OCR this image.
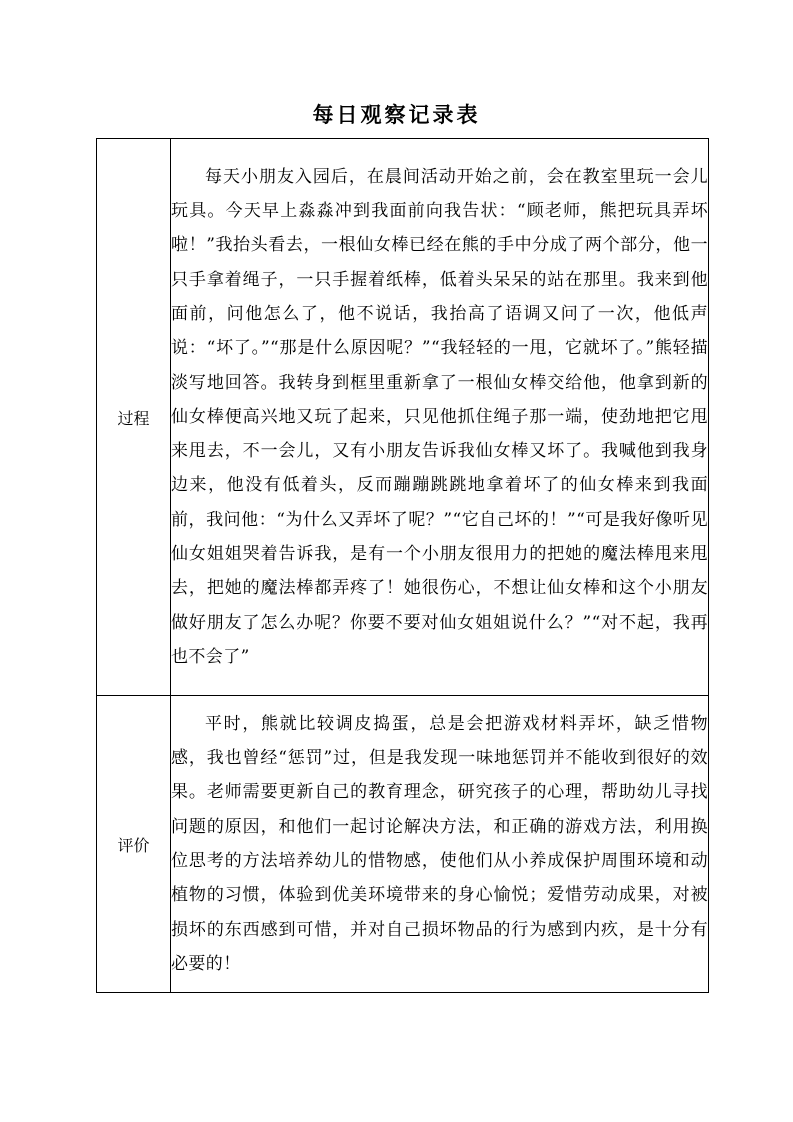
每日观察记录表
过程	每天小朋友入园后，在晨间活动开始之前，会在教室里玩一会儿玩具。今天早上淼淼冲到我面前向我告状：“顾老师，熊把玩具弄坏啦！”我抬头看去，一根仙女棒已经在熊的手中分成了两个部分，他一只手拿着绳子，一只手握着纸棒，低着头呆呆的站在那里。我来到他面前，问他怎么了，他不说话，我抬高了语调又问了一次，他低声说：“坏了。”“那是什么原因呢？”“我轻轻的一甩，它就坏了。”熊轻描淡写地回答。我转身到框里重新拿了一根仙女棒交给他，他拿到新的仙女棒便高兴地又玩了起来，只见他抓住绳子那一端，使劲地把它甩来甩去，不一会儿，又有小朋友告诉我仙女棒又坏了。我喊他到我身边来，他没有低着头，反而蹦蹦跳跳地拿着坏了的仙女棒来到我面前，我问他：“为什么又弄坏了呢？”“它自己坏的！”“可是我好像听见仙女姐姐哭着告诉我，是有一个小朋友很用力的把她的魔法棒甩来甩去，把她的魔法棒都弄疼了！她很伤心，不想让仙女棒和这个小朋友做好朋友了怎么办呢？你要不要对仙女姐姐说什么？”“对不起，我再也不会了”

评价	平时，熊就比较调皮捣蛋，总是会把游戏材料弄坏，缺乏惜物感，我也曾经“惩罚”过，但是我发现一味地惩罚并不能收到很好的效果。老师需要更新自己的教育理念，研究孩子的心理，帮助幼儿寻找问题的原因，和他们一起讨论解决方法，和正确的游戏方法，利用换位思考的方法培养幼儿的惜物感，使他们从小养成保护周围环境和动植物的习惯，体验到优美环境带来的身心愉悦；爱惜劳动成果，对被损坏的东西感到可惜，并对自己损坏物品的行为感到内疚，是十分有必要的！
